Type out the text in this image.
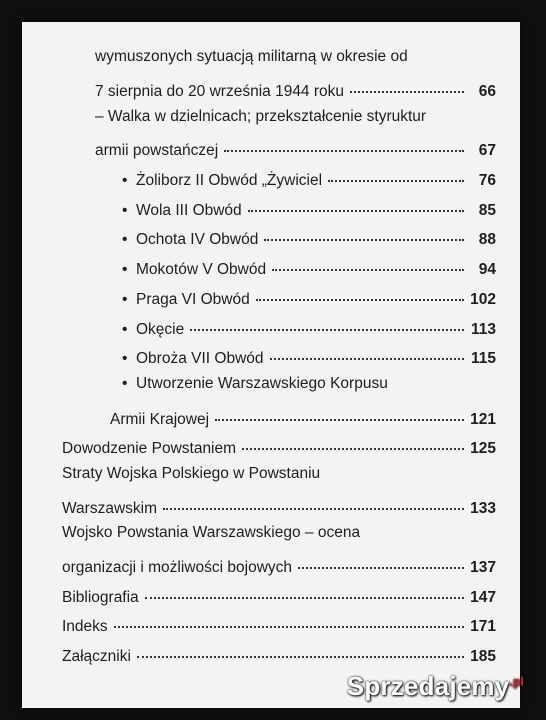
wymuszonych sytuacją militarną w okresie od
7 sierpnia do 20 września 1944 roku	66
– Walka w dzielnicach; przekształcenie styruktur
armii powstańczej	67
• Żoliborz II Obwód „Żywiciel	76
• Wola III Obwód	85
• Ochota IV Obwód	88
• Mokotów V Obwód	94
• Praga VI Obwód	102
• Okęcie	113
• Obroża VII Obwód	115
• Utworzenie Warszawskiego Korpusu
Armii Krajowej	121
Dowodzenie Powstaniem	125
Straty Wojska Polskiego w Powstaniu
Warszawskim	133
Wojsko Powstania Warszawskiego – ocena
organizacji i możliwości bojowych	137
Bibliografia	147
Indeks	171
Załączniki	185
Sprzedajemy$^{.pl}$
